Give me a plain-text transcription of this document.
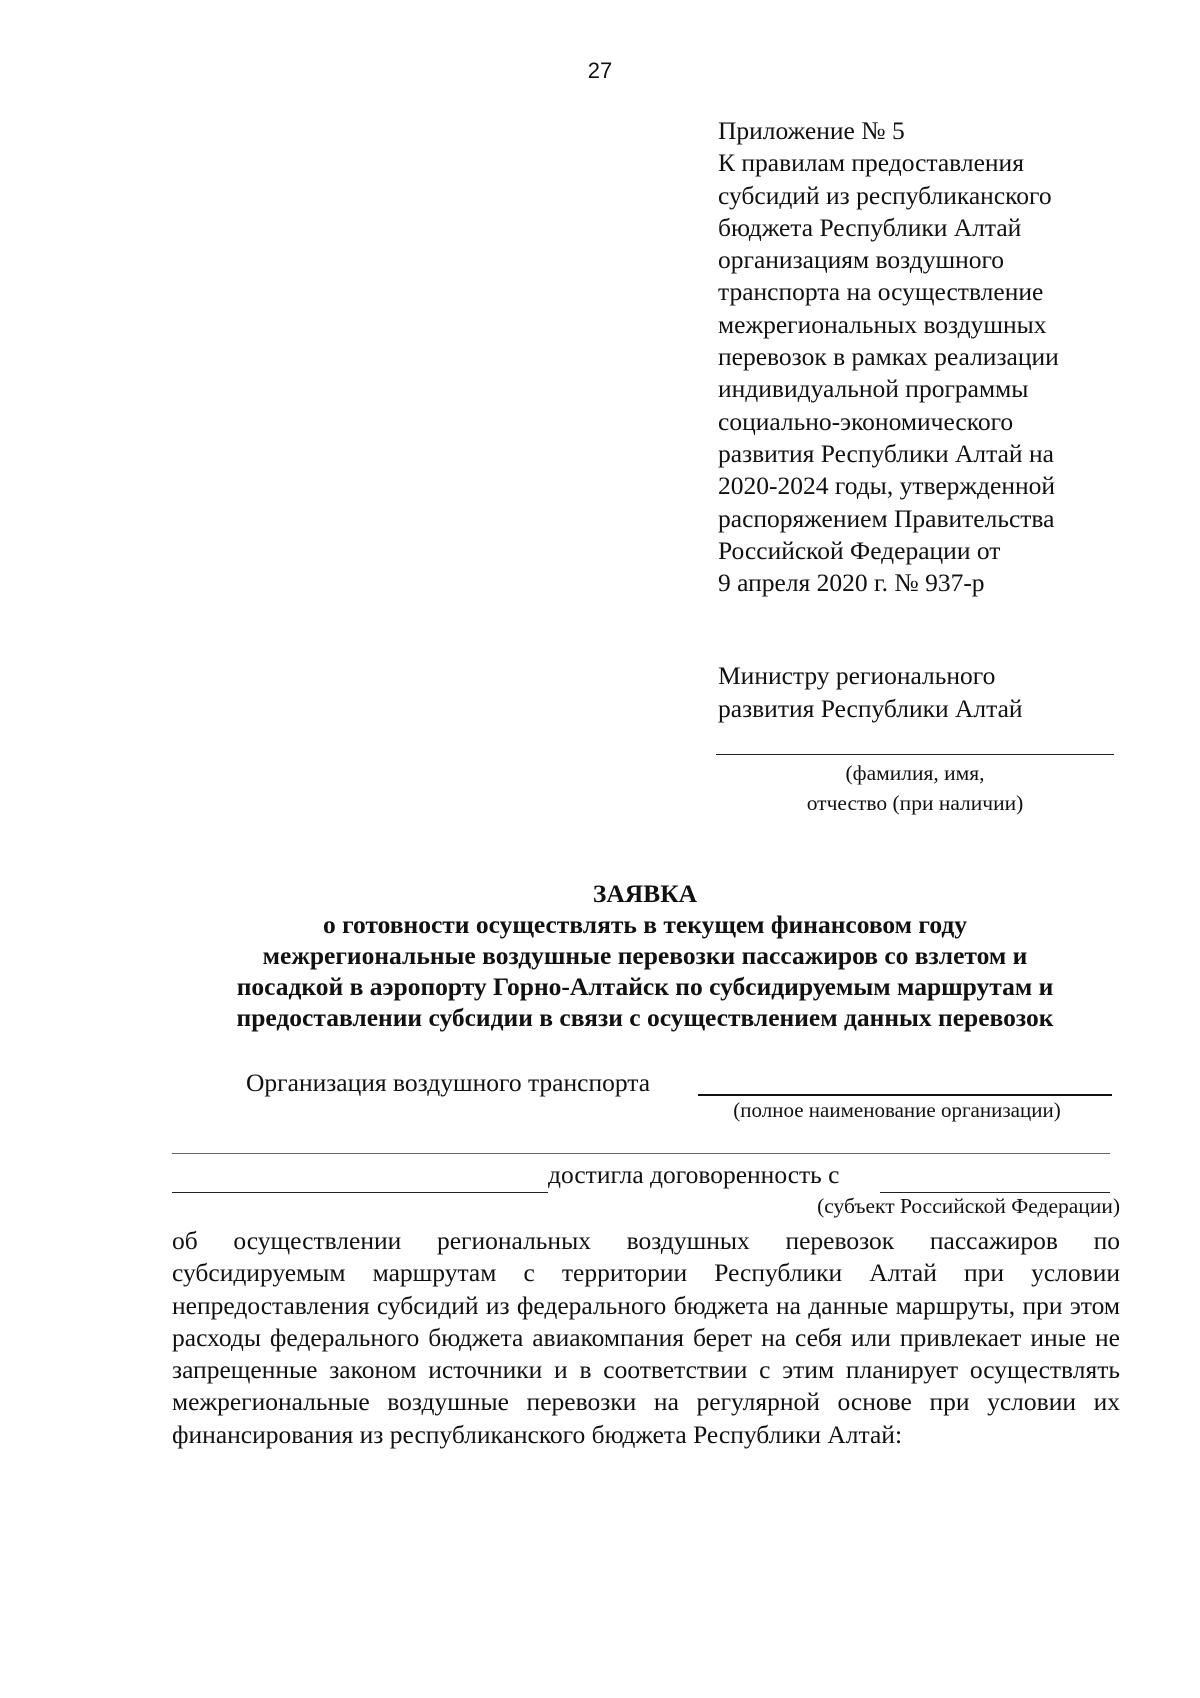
27
Приложение № 5
К правилам предоставления
субсидий из республиканского
бюджета Республики Алтай
организациям воздушного
транспорта на осуществление
межрегиональных воздушных
перевозок в рамках реализации
индивидуальной программы
социально-экономического
развития Республики Алтай на
2020-2024 годы, утвержденной
распоряжением Правительства
Российской Федерации от
9 апреля 2020 г. № 937-р
Министру регионального
развития Республики Алтай
(фамилия, имя,
отчество (при наличии)
ЗАЯВКА
о готовности осуществлять в текущем финансовом году
межрегиональные воздушные перевозки пассажиров со взлетом и
посадкой в аэропорту Горно-Алтайск по субсидируемым маршрутам и
предоставлении субсидии в связи с осуществлением данных перевозок
Организация воздушного транспорта
(полное наименование организации)
достигла договоренность с
(субъект Российской Федерации)
об осуществлении региональных воздушных перевозок пассажиров по субсидируемым маршрутам с территории Республики Алтай при условии непредоставления субсидий из федерального бюджета на данные маршруты, при этом расходы федерального бюджета авиакомпания берет на себя или привлекает иные не запрещенные законом источники и в соответствии с этим планирует осуществлять межрегиональные воздушные перевозки на регулярной основе при условии их финансирования из республиканского бюджета Республики Алтай:
